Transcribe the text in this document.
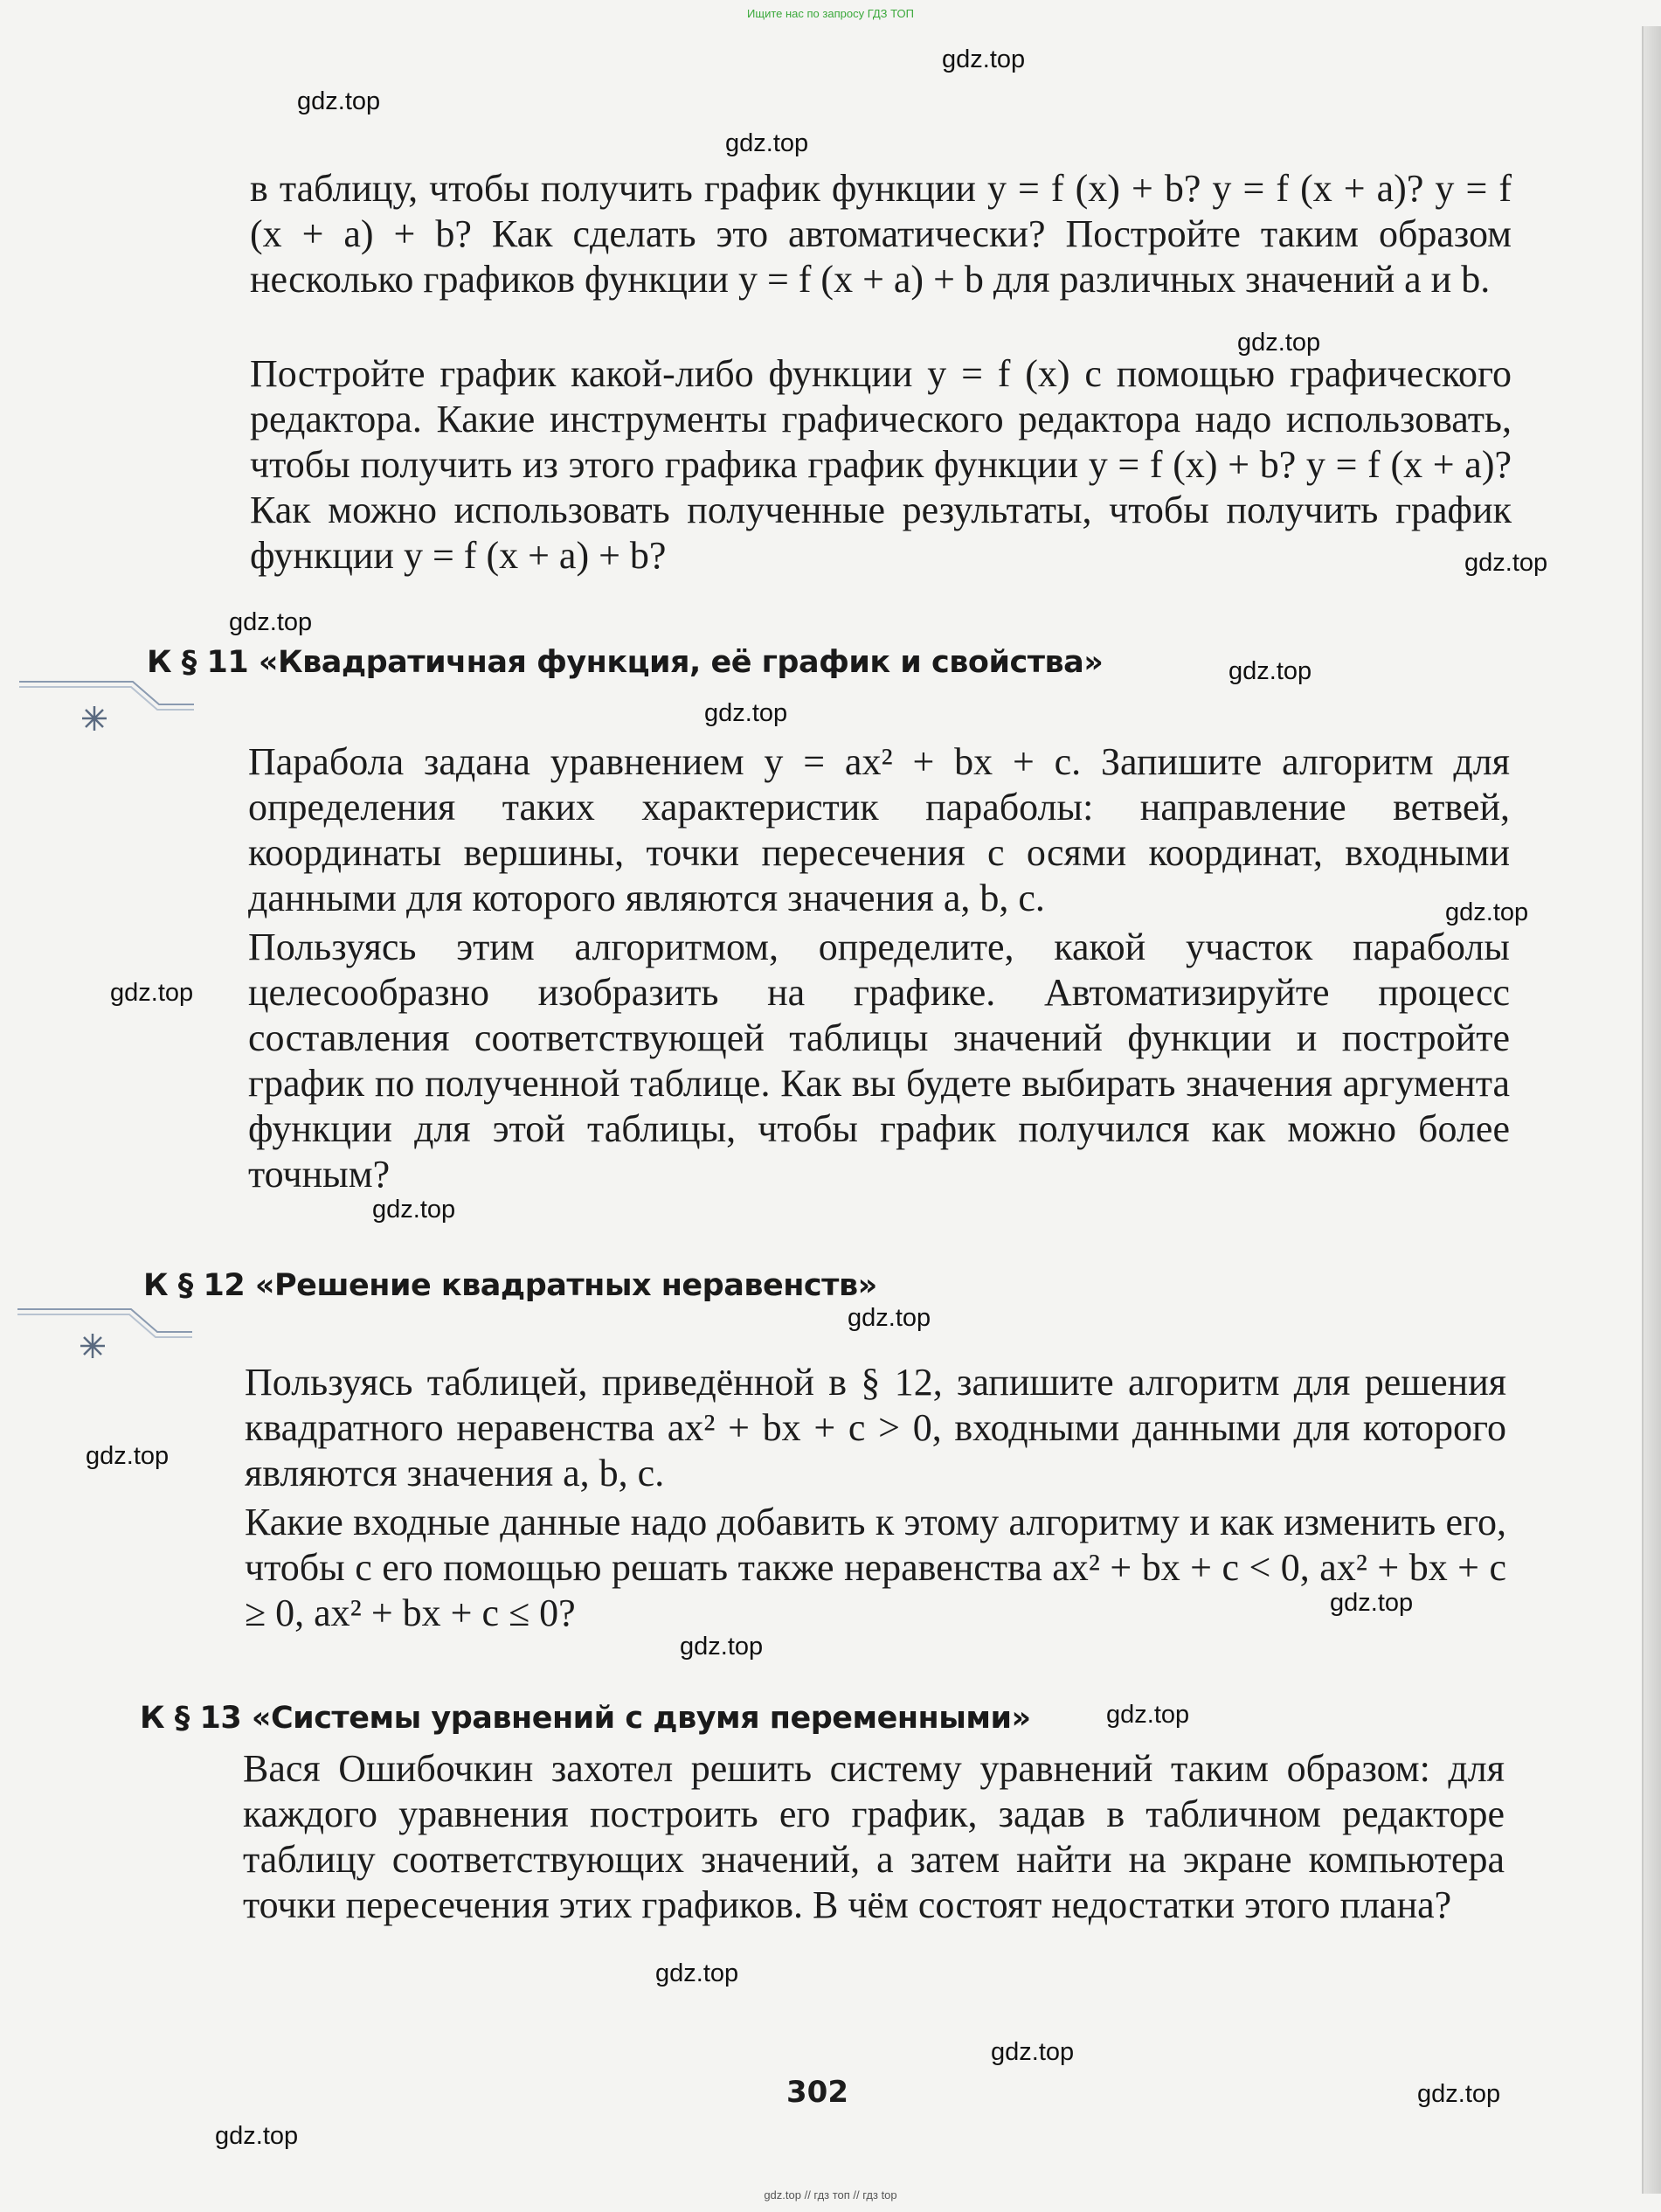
Ищите нас по запросу ГДЗ ТОП

в таблицу, чтобы получить график функции y = f (x) + b? y = f (x + a)? y = f (x + a) + b? Как сделать это автоматически? Постройте таким образом несколько графиков функции y = f (x + a) + b для различных значений a и b.

Постройте график какой-либо функции y = f (x) с помощью графического редактора. Какие инструменты графического редактора надо использовать, чтобы получить из этого графика график функции y = f (x) + b? y = f (x + a)? Как можно использовать полученные результаты, чтобы получить график функции y = f (x + a) + b?

К § 11 «Квадратичная функция, её график и свойства»

Парабола задана уравнением y = ax² + bx + c. Запишите алгоритм для определения таких характеристик параболы: направление ветвей, координаты вершины, точки пересечения с осями координат, входными данными для которого являются значения a, b, c.

Пользуясь этим алгоритмом, определите, какой участок параболы целесообразно изобразить на графике. Автоматизируйте процесс составления соответствующей таблицы значений функции и постройте график по полученной таблице. Как вы будете выбирать значения аргумента функции для этой таблицы, чтобы график получился как можно более точным?

К § 12 «Решение квадратных неравенств»

Пользуясь таблицей, приведённой в § 12, запишите алгоритм для решения квадратного неравенства ax² + bx + c > 0, входными данными для которого являются значения a, b, c.

Какие входные данные надо добавить к этому алгоритму и как изменить его, чтобы с его помощью решать также неравенства ax² + bx + c < 0, ax² + bx + c ≥ 0, ax² + bx + c ≤ 0?

К § 13 «Системы уравнений с двумя переменными»

Вася Ошибочкин захотел решить систему уравнений таким образом: для каждого уравнения построить его график, задав в табличном редакторе таблицу соответствующих значений, а затем найти на экране компьютера точки пересечения этих графиков. В чём состоят недостатки этого плана?

302
gdz.top
gdz.top
gdz.top
gdz.top
gdz.top
gdz.top
gdz.top
gdz.top
gdz.top
gdz.top
gdz.top
gdz.top
gdz.top
gdz.top
gdz.top
gdz.top
gdz.top
gdz.top
gdz.top
gdz.top
gdz.top // гдз топ // гдз top
